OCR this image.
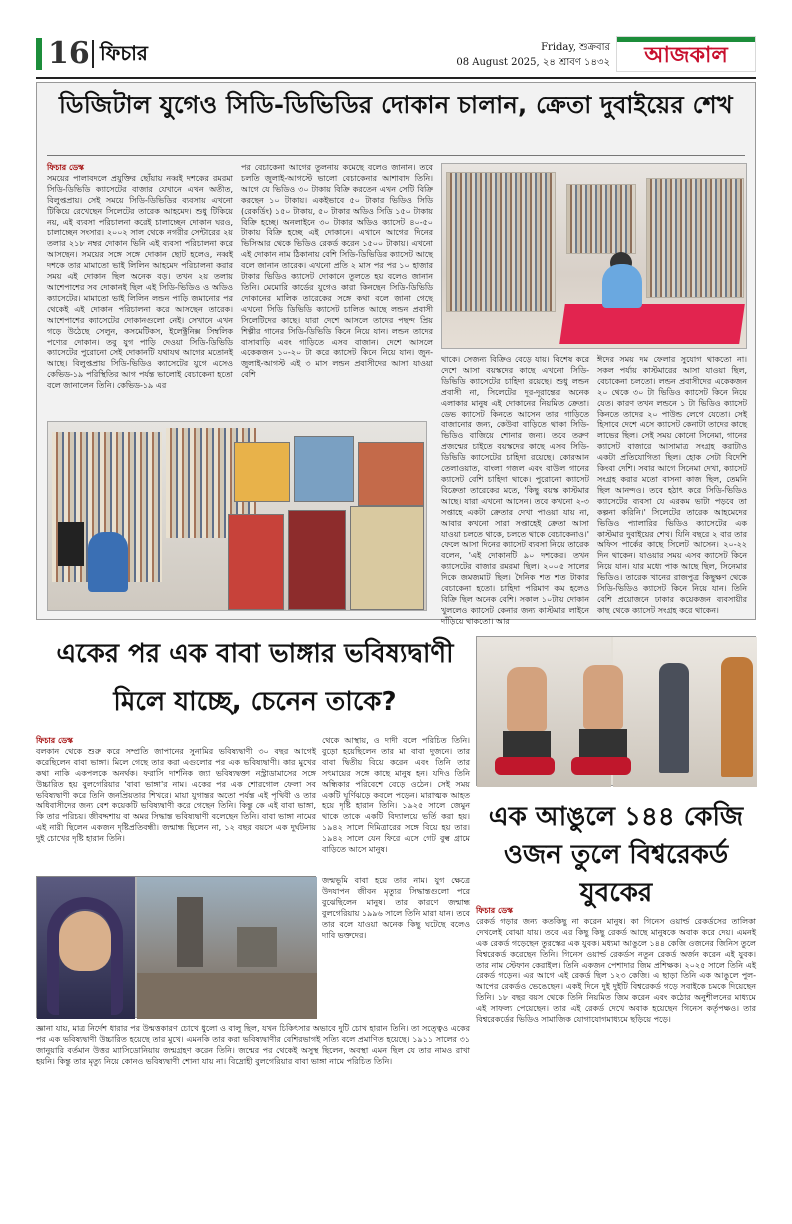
16 ফিচার	Friday, শুক্রবার
08 August 2025, ২৪ শ্রাবণ ১৪৩২	আজকাল
ডিজিটাল যুগেও সিডি-ডিভিডির দোকান চালান, ক্রেতা দুবাইয়ের শেখ
ফিচার ডেস্ক
সময়ের পালাবদলে প্রযুক্তির ছোঁয়ায় নব্বই দশকের রমরমা সিডি-ডিভিডি ক্যাসেটের বাজার যেখানে এখন অতীত, বিলুপ্তপ্রায়। সেই সময়ে সিডি-ডিভিডির ব্যবসায় এখনো টিকিয়ে রেখেছেন সিলেটের তারেক আহমেদ। শুধু টিকিয়ে নয়, এই ব্যবসা পরিচালনা করেই চালাচ্ছেন দোকান ঘরও, চালাচ্ছেন সংসার। ২০০২ সাল থেকে নগরীর সেন্টারের ২য় তলার ২১৮ নম্বর দোকান ভিনি এই ব্যবসা পরিচালনা করে আসছেন। সময়ের সঙ্গে সঙ্গে দোকান ছোট হলেও, নব্বই দশকে তার মামাতো ভাই লিলিন আহমেদ পরিচালনা করার সময় এই দোকান ছিল অনেক বড়। তখন ২য় তলায় আশেপাশের সব দোকানই ছিল এই সিডি-ভিডিও ও অডিও ক্যাসেটের। মামাতো ভাই লিলিন লন্ডন পাড়ি জমানোর পর থেকেই এই দোকান পরিচালনা করে আসছেন তারেক। আশেপাশের ক্যাসেটের দোকানগুলো নেই। সেখানে এখন গড়ে উঠেছে সেলুন, কসমেটিকস, ইলেক্ট্রনিক্স সিম্বলিক পণ্যের দোকান। তবু যুগ পাড়ি দেওয়া সিডি-ডিভিডি ক্যাসেটের পুরোনো সেই দোকানটি যথাযথ আগের মতোনই আছে। বিলুপ্তপ্রায় সিডি-ভিডিও ক্যাসেটের যুগে এসেও কেভিড-১৯ পরিস্থিতির আগ পর্যন্ত ভালোই বেচাকেনা হতো বলে জানালেন তিনি। কেভিড-১৯ এর
পর বেচাকেনা আগের তুলনায় কমেছে বলেও জানান। তবে চলতি জুলাই-আগস্টে ভালো বেচাকেনার আশাবাদ তিনি। আগে যে ভিডিও ৩০ টাকায় বিক্রি করতেন এখন সেটি বিক্রি করছেন ১০ টাকায়। একইভাবে ৫০ টাকার ভিডিও সিডি (রেকর্ডিং) ১৫০ টাকায়, ৫০ টাকার অডিও সিডি ১৫০ টাকায় বিক্রি হচ্ছে। অনলাইনে ৩০ টাকার অডিও ক্যাসেট ৪০-৫০ টাকায় বিক্রি হচ্ছে এই দোকানে। এখানে আগের দিনের ভিসিআর থেকে ভিডিও রেকর্ড করেন ১৫০০ টাকায়। এখনো এই দোকান নাম ঠিকানায় বেশি সিডি-ডিভিডির ক্যাসেট আছে বলে জানান তারেক। এখনো প্রতি ২ মাস পর পর ১০ হাজার টাকার ভিডিও ক্যাসেট দোকানে তুলতে হয় বলেও জানান তিনি। মেমোরি কার্ডের যুগেও কারা কিনছেন সিডি-ডিভিডি দোকানের মালিক তারেকের সঙ্গে কথা বলে জানা গেছে এখনো সিডি ডিভিডি ক্যাসেট চালিত আছে লন্ডন প্রবাসী সিলেটিদের কাছে। যারা দেশে আসলে তাদের পছন্দ প্রিয় শিল্পীর গানের সিডি-ডিভিডি কিনে নিয়ে যান। লন্ডন তাদের বাসাবাড়ি এবং গাড়িতে এসব বাজান। দেশে আসলে একেকজন ১০-২০ টা করে ক্যাসেট কিনে নিয়ে যান। জুন-জুলাই-আগস্ট এই ৩ মাস লন্ডন প্রবাসীদের আসা যাওয়া বেশি
থাকে। সেজন্য বিক্রিও বেড়ে যায়। বিশেষ করে দেশে আসা বয়স্কদের কাছে এখনো সিডি-ডিভিডি ক্যাসেটের চাহিদা রয়েছে। শুধু লন্ডন প্রবাসী না, সিলেটের দূর-দূরান্তের অনেক এলাকার মানুষ এই দোকানের নিয়মিত ক্রেতা। ডেভ ক্যাসেট কিনতে আসেন তার গাড়িতে বাজানোর জন্য, কেউবা বাড়িতে থাকা সিডি-ভিডিও বাজিয়ে শোনার জন্য। তবে তরুণ প্রজন্মের চাইতে বয়স্কদের কাছে এসব সিডি-ডিভিডি ক্যাসেটের চাহিদা রয়েছে। কোরআন তেলাওয়াত, বাংলা গজল এবং বাউল গানের ক্যাসেট বেশি চাহিদা থাকে। পুরোনো ক্যাসেট বিক্রেতা তারেকের মতে, 'কিছু বয়স্ক কাস্টমার আছে। যারা এখনো আসেন। তবে কখনো ২-৩ সপ্তাহে একটা ক্রেতার দেখা পাওয়া যায় না, আবার কখনো সারা সপ্তাহেই ক্রেতা আসা যাওয়া চলতে থাকে, চলতে থাকে বেচাকেনাও।' ফেলে আসা দিনের ক্যাসেট ব্যবসা নিয়ে তারেক বলেন, 'এই দোকানটি ৯০ দশকের। তখন ক্যাসেটের বাজার রমরমা ছিল। ২০০৫ সালের দিকে জমজমাট ছিল। দৈনিক শত শত টাকার বেচাকেনা হতো। চাহিদা পরিমাণ কম হলেও বিক্রি ছিল অনেক বেশি। সকাল ১০টায় দোকান খুললেও ক্যাসেট কেনার জন্য কাস্টমার লাইনে দাঁড়িয়ে থাকতো। আর
ঈদের সময় দম ফেলার সুযোগ থাকতো না। সকল পর্যায় কাস্টমারের আসা যাওয়া ছিল, বেচাকেনা চলতো। লন্ডন প্রবাসীদের একেকজন ২০ থেকে ৩০ টা ভিডিও ক্যাসেট কিনে নিয়ে যেত। কারণ তখন লন্ডনে ১ টা ভিডিও ক্যাসেট কিনতে তাদের ২০ পাউন্ড লেগে যেতো। সেই হিসাবে দেশে এসে ক্যাসেট কেনাটা তাদের কাছে লাভের ছিল। সেই সময় কোনো সিনেমা, গানের ক্যাসেট বাজারে আসামাত্র সংগ্রহ করাটাও একটা প্রতিযোগিতা ছিল। হোক সেটা বিদেশি কিংবা দেশি। সবার আগে সিনেমা দেখা, ক্যাসেট সংগ্রহ করার মতো বাসনা কাজ ছিল, তেমনি ছিল আনন্দও। তবে হঠাৎ করে সিডি-ভিডিও ক্যাসেটের ব্যবসা যে এরকম ভাটা পড়বে তা কল্পনা করিনি।' সিলেটের তারেক আহমেদের ভিডিও প্যালারির ভিডিও ক্যাসেটের এক কাস্টমার দুবাইয়ের শেখ। যিনি বছরে ২ বার তার অফিস পার্কের কাছে সিলেট আসেন। ২০-২২ দিন থাকেন। যাওয়ার সময় এসব ক্যাসেট কিনে নিয়ে যান। যার মধ্যে পাক আছে ছিল, সিনেমার ভিডিও। তারেক খানের রাজপুত্র কিছুক্ষণ থেকে সিডি-ভিডিও ক্যাসেট কিনে নিয়ে যান। তিনি বেশি প্রয়োজনে ঢাকার কয়েকজন ব্যবসায়ীর কাছ থেকে ক্যাসেট সংগ্রহ করে থাকেন।
একের পর এক বাবা ভাঙ্গার ভবিষ্যদ্বাণী
মিলে যাচ্ছে, চেনেন তাকে?
ফিচার ডেস্ক
বলকান থেকে শুরু করে সম্প্রতি জাপানের সুনামির ভবিষ্যদ্বাণী ৩০ বছর আগেই করেছিলেন বাবা ভাঙ্গা। মিলে গেছে তার করা এগুলোর পর এক ভবিষ্যদ্বাণী। কার মুখের কথা নাকি একপলকে অনর্থক। ফরাসি দার্শনিক জ্যা ভবিষ্যদ্বক্তা নস্ট্রাডামাসের সঙ্গে উচ্চারিত হয় বুলগেরিয়ার 'বাবা ভাঙ্গা'র নাম। একের পর এক শোরগোল ফেলা সব ভবিষ্যদ্বাণী করে তিনি জনপ্রিয়তার শিখরে। মায়া যুগান্তর অতো পর্যন্ত এই পৃথিবী ও তার অধিবাসীদের জন্য বেশ কয়েকটি ভবিষ্যদ্বাণী করে গেছেন তিনি। কিন্তু কে এই বাবা ভাঙ্গা, কি তার পরিচয়। জীবদ্দশায় বা অমর সিদ্ধান্ত ভবিষ্যদ্বাণী বলেছেন তিনি। বাবা ভাঙ্গা নামের এই নারী ছিলেন একজন দৃষ্টিপ্রতিবন্ধী। জন্মান্ধ ছিলেন না, ১২ বছর বয়সে এক দুর্ঘটনায় দুই চোখের দৃষ্টি হারান তিনি।
থেকে আস্থায়, ও দাদী বলে পরিচিত তিনি। বুড়ো হয়েছিলেন তার মা বাবা দুজনে। তার বাবা দ্বিতীয় বিয়ে করেন এবং তিনি তার সৎমায়ের সঙ্গে কাছে মানুষ হন। যদিও তিনি অন্ধিকার পরিবেশে বেড়ে ওঠেন। সেই সময় একটি ঘূর্ণিঝড়ে কবলে পড়েন। মারাত্মক আহত হয়ে দৃষ্টি হারান তিনি। ১৯২৫ সালে জেমুন থাকে তাকে একটি বিদ্যালয়ে ভর্তি করা হয়। ১৯৪২ সালে দিমিত্রারের সঙ্গে বিয়ে হয় তার। ১৯৪২ সালে যেন ফিরে এসে গেট বুল্ব গ্রামে বাড়িতে আসে মানুষ।
জন্মভূমি বাবা হয়ে তার নাম। যুগ ক্ষেত্রে উদযাপন জীবন মৃত্যুর সিদ্ধান্তগুলো পরে বুঝেছিলেন মানুষ। তার কারণে জন্মান্ধ বুলগেরিয়ায় ১৯৯৬ সালে তিনি মারা যান। তবে তার বলে যাওয়া অনেক কিছু ঘটেছে বলেও দাবি ভক্তদের।
জ্ঞানা যায়, মাত্র নির্দেশ ধারার পর উন্মত্তকারণ চোখে ধুলো ও বালু ছিল, যখন চিকিৎসার অভাবে দুটি চোখ হারান তিনি। তা সত্ত্বেও একের পর এক ভবিষ্যদ্বাণী উচ্চারিত হয়েছে তার মুখে। এমনকি তার করা ভবিষ্যদ্বাণীর বেশিরভাগই সত্যি বলে প্রমাণিত হয়েছে। ১৯১১ সালের ৩১ জানুয়ারি বর্তমান উত্তর ম্যাসিডোনিয়ায় জন্মগ্রহণ করেন তিনি। জন্মের পর থেকেই অসুস্থ ছিলেন, অবস্থা এমন ছিল যে তার নামও রাখা হয়নি। কিন্তু তার মৃত্যু নিয়ে কোনও ভবিষ্যদ্বাণী শোনা যায় না। বিদ্রোহী বুলগেরিয়ার বাবা ভাঙ্গা নামে পরিচিত তিনি।
এক আঙুলে ১৪৪ কেজি ওজন তুলে বিশ্বরেকর্ড যুবকের
ফিচার ডেস্ক
রেকর্ড গড়ার জন্য কতকিছু না করেন মানুষ। কা গিনেস ওয়ার্ল্ড রেকর্ডসের তালিকা দেখলেই বোঝা যায়। তবে এর কিছু কিছু রেকর্ড আছে মানুষকে অবাক করে দেয়। এমনই এক রেকর্ড গড়েছেন তুরস্কের এক যুবক। মধ্যমা আঙুলে ১৪৪ কেজি ওজনের জিনিস তুলে বিশ্বরেকর্ড করেছেন তিনি। গিনেস ওয়ার্ল্ড রেকর্ডস নতুন রেকর্ড অর্জন করেন এই যুবক। তার নাম স্টেফান কেরাইল। তিনি একজন পেশাদার জিম প্রশিক্ষক। ২০২৫ সালে তিনি এই রেকর্ড গড়েন। এর আগে এই রেকর্ড ছিল ১২৩ কেজি। এ ছাড়া তিনি এক আঙুলে পুল-আপের রেকর্ডও ভেঙেছেন। একই দিনে দুই দুইটি বিশ্বরেকর্ড গড়ে সবাইকে চমকে দিয়েছেন তিনি। ১৮ বছর বয়স থেকে তিনি নিয়মিত জিম করেন এবং কঠোর অনুশীলনের মাধ্যমে এই সাফল্য পেয়েছেন। তার এই রেকর্ড দেখে অবাক হয়েছেন গিনেস কর্তৃপক্ষও। তার বিশ্বরেকর্ডের ভিডিও সামাজিক যোগাযোগমাধ্যমে ছড়িয়ে পড়ে।
